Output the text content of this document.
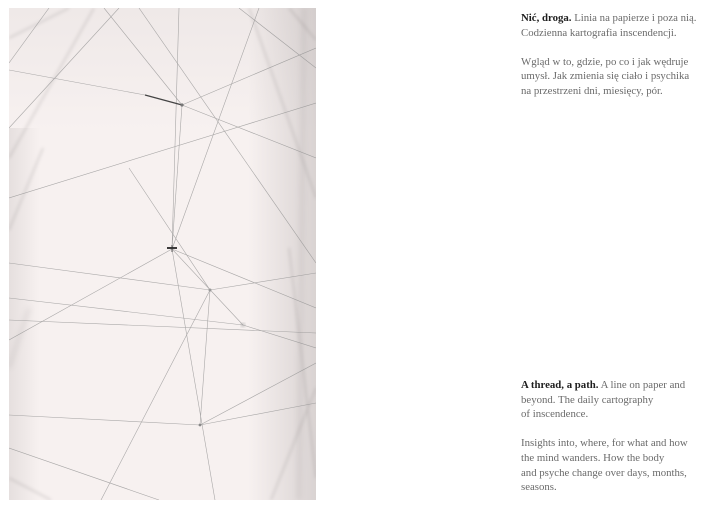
Nić, droga. Linia na papierze i poza nią.
Codzienna kartografia inscendencji.

Wgląd w to, gdzie, po co i jak wędruje
umysł. Jak zmienia się ciało i psychika
na przestrzeni dni, miesięcy, pór.

A thread, a path. A line on paper and
beyond. The daily cartography
of inscendence.

Insights into, where, for what and how
the mind wanders. How the body
and psyche change over days, months,
seasons.
